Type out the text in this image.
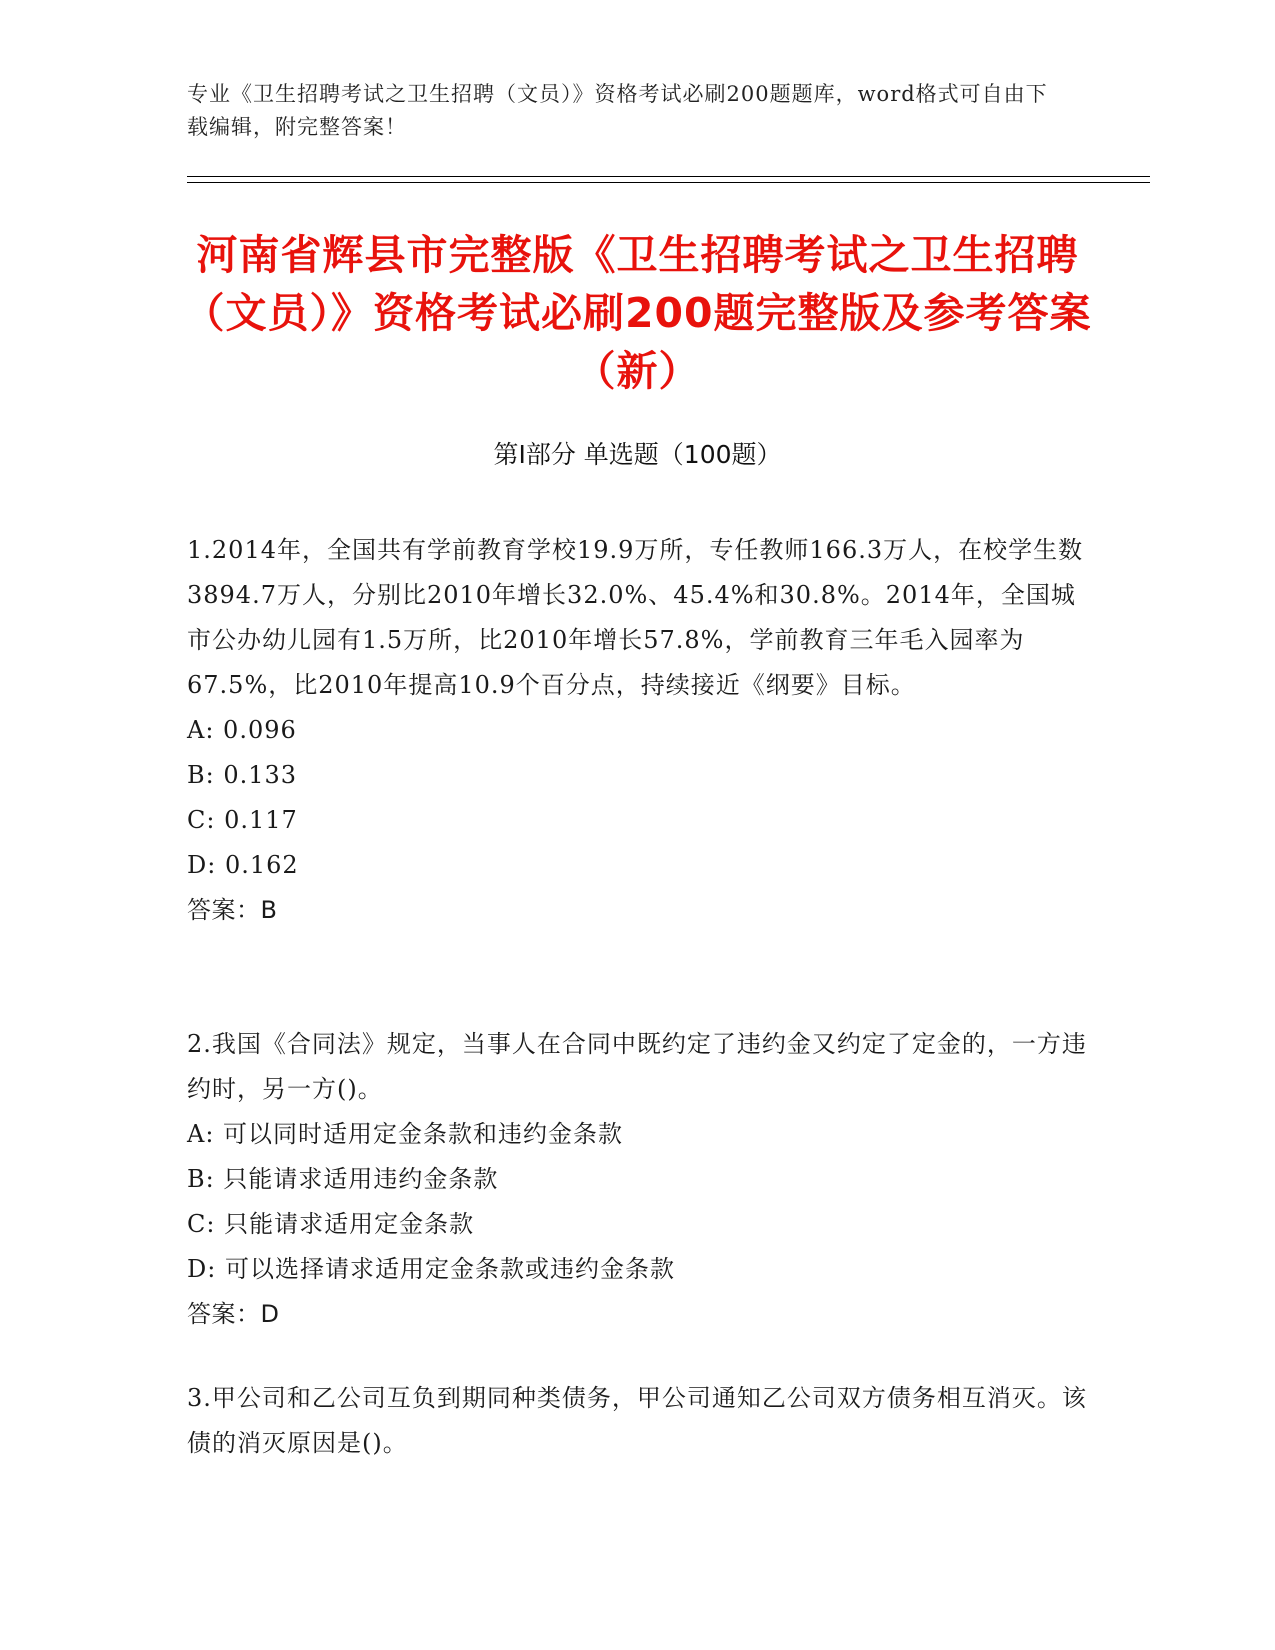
专业《卫生招聘考试之卫生招聘（文员）》资格考试必刷200题题库，word格式可自由下载编辑，附完整答案！
河南省辉县市完整版《卫生招聘考试之卫生招聘（文员）》资格考试必刷200题完整版及参考答案（新）
第I部分 单选题（100题）

1.2014年，全国共有学前教育学校19.9万所，专任教师166.3万人，在校学生数3894.7万人，分别比2010年增长32.0%、45.4%和30.8%。2014年，全国城市公办幼儿园有1.5万所，比2010年增长57.8%，学前教育三年毛入园率为67.5%，比2010年提高10.9个百分点，持续接近《纲要》目标。

A: 0.096

B: 0.133

C: 0.117

D: 0.162

答案：B

2.我国《合同法》规定，当事人在合同中既约定了违约金又约定了定金的，一方违约时，另一方()。

A: 可以同时适用定金条款和违约金条款

B: 只能请求适用违约金条款

C: 只能请求适用定金条款

D: 可以选择请求适用定金条款或违约金条款

答案：D

3.甲公司和乙公司互负到期同种类债务，甲公司通知乙公司双方债务相互消灭。该债的消灭原因是()。
